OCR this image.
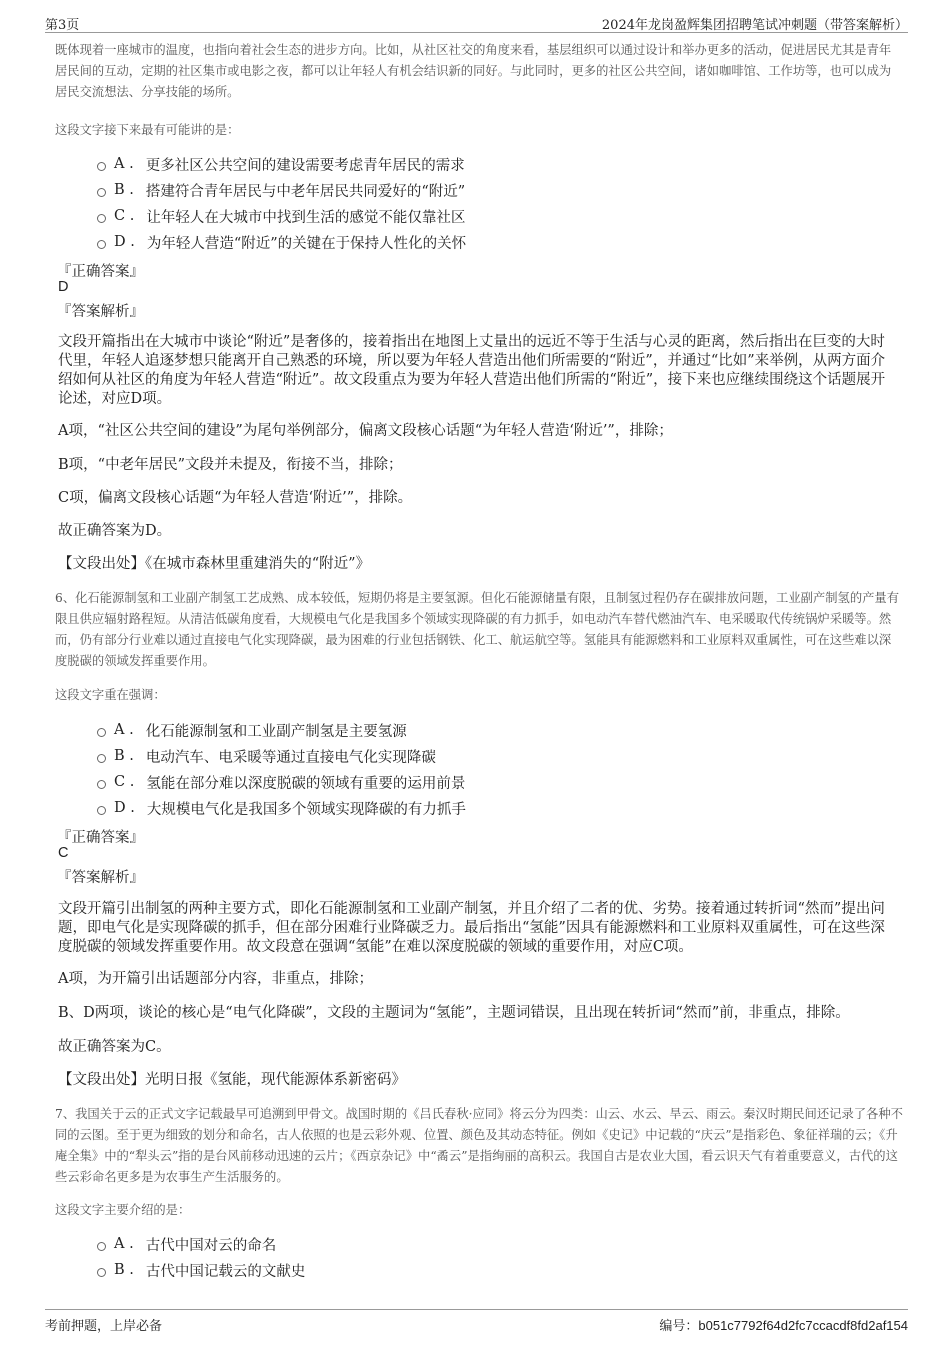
第3页	2024年龙岗盈辉集团招聘笔试冲刺题（带答案解析）

既体现着一座城市的温度，也指向着社会生态的进步方向。比如，从社区社交的角度来看，基层组织可以通过设计和举办更多的活动，促进居民尤其是青年居民间的互动，定期的社区集市或电影之夜，都可以让年轻人有机会结识新的同好。与此同时，更多的社区公共空间，诸如咖啡馆、工作坊等，也可以成为居民交流想法、分享技能的场所。

这段文字接下来最有可能讲的是：

A . 更多社区公共空间的建设需要考虑青年居民的需求
B . 搭建符合青年居民与中老年居民共同爱好的“附近”
C . 让年轻人在大城市中找到生活的感觉不能仅靠社区
D . 为年轻人营造“附近”的关键在于保持人性化的关怀

『正确答案』

D

『答案解析』

文段开篇指出在大城市中谈论“附近”是奢侈的，接着指出在地图上丈量出的远近不等于生活与心灵的距离，然后指出在巨变的大时代里，年轻人追逐梦想只能离开自己熟悉的环境，所以要为年轻人营造出他们所需要的“附近”，并通过“比如”来举例，从两方面介绍如何从社区的角度为年轻人营造“附近”。故文段重点为要为年轻人营造出他们所需的“附近”，接下来也应继续围绕这个话题展开论述，对应D项。

A项，“社区公共空间的建设”为尾句举例部分，偏离文段核心话题“为年轻人营造‘附近’”，排除；

B项，“中老年居民”文段并未提及，衔接不当，排除；

C项，偏离文段核心话题“为年轻人营造‘附近’”，排除。

故正确答案为D。

【文段出处】《在城市森林里重建消失的“附近”》

6、化石能源制氢和工业副产制氢工艺成熟、成本较低，短期仍将是主要氢源。但化石能源储量有限，且制氢过程仍存在碳排放问题，工业副产制氢的产量有限且供应辐射路程短。从清洁低碳角度看，大规模电气化是我国多个领域实现降碳的有力抓手，如电动汽车替代燃油汽车、电采暖取代传统锅炉采暖等。然而，仍有部分行业难以通过直接电气化实现降碳，最为困难的行业包括钢铁、化工、航运航空等。氢能具有能源燃料和工业原料双重属性，可在这些难以深度脱碳的领域发挥重要作用。

这段文字重在强调：

A . 化石能源制氢和工业副产制氢是主要氢源
B . 电动汽车、电采暖等通过直接电气化实现降碳
C . 氢能在部分难以深度脱碳的领域有重要的运用前景
D . 大规模电气化是我国多个领域实现降碳的有力抓手

『正确答案』

C

『答案解析』

文段开篇引出制氢的两种主要方式，即化石能源制氢和工业副产制氢，并且介绍了二者的优、劣势。接着通过转折词“然而”提出问题，即电气化是实现降碳的抓手，但在部分困难行业降碳乏力。最后指出“氢能”因具有能源燃料和工业原料双重属性，可在这些深度脱碳的领域发挥重要作用。故文段意在强调“氢能”在难以深度脱碳的领域的重要作用，对应C项。

A项，为开篇引出话题部分内容，非重点，排除；

B、D两项，谈论的核心是“电气化降碳”，文段的主题词为“氢能”，主题词错误，且出现在转折词“然而”前，非重点，排除。

故正确答案为C。

【文段出处】光明日报《氢能，现代能源体系新密码》

7、我国关于云的正式文字记载最早可追溯到甲骨文。战国时期的《吕氏春秋·应同》将云分为四类：山云、水云、旱云、雨云。秦汉时期民间还记录了各种不同的云图。至于更为细致的划分和命名，古人依照的也是云彩外观、位置、颜色及其动态特征。例如《史记》中记载的“庆云”是指彩色、象征祥瑞的云；《升庵全集》中的“犁头云”指的是台风前移动迅速的云片；《西京杂记》中“矞云”是指绚丽的高积云。我国自古是农业大国，看云识天气有着重要意义，古代的这些云彩命名更多是为农事生产生活服务的。

这段文字主要介绍的是：

A . 古代中国对云的命名
B . 古代中国记载云的文献史
考前押题，上岸必备	编号：b051c7792f64d2fc7ccacdf8fd2af154
